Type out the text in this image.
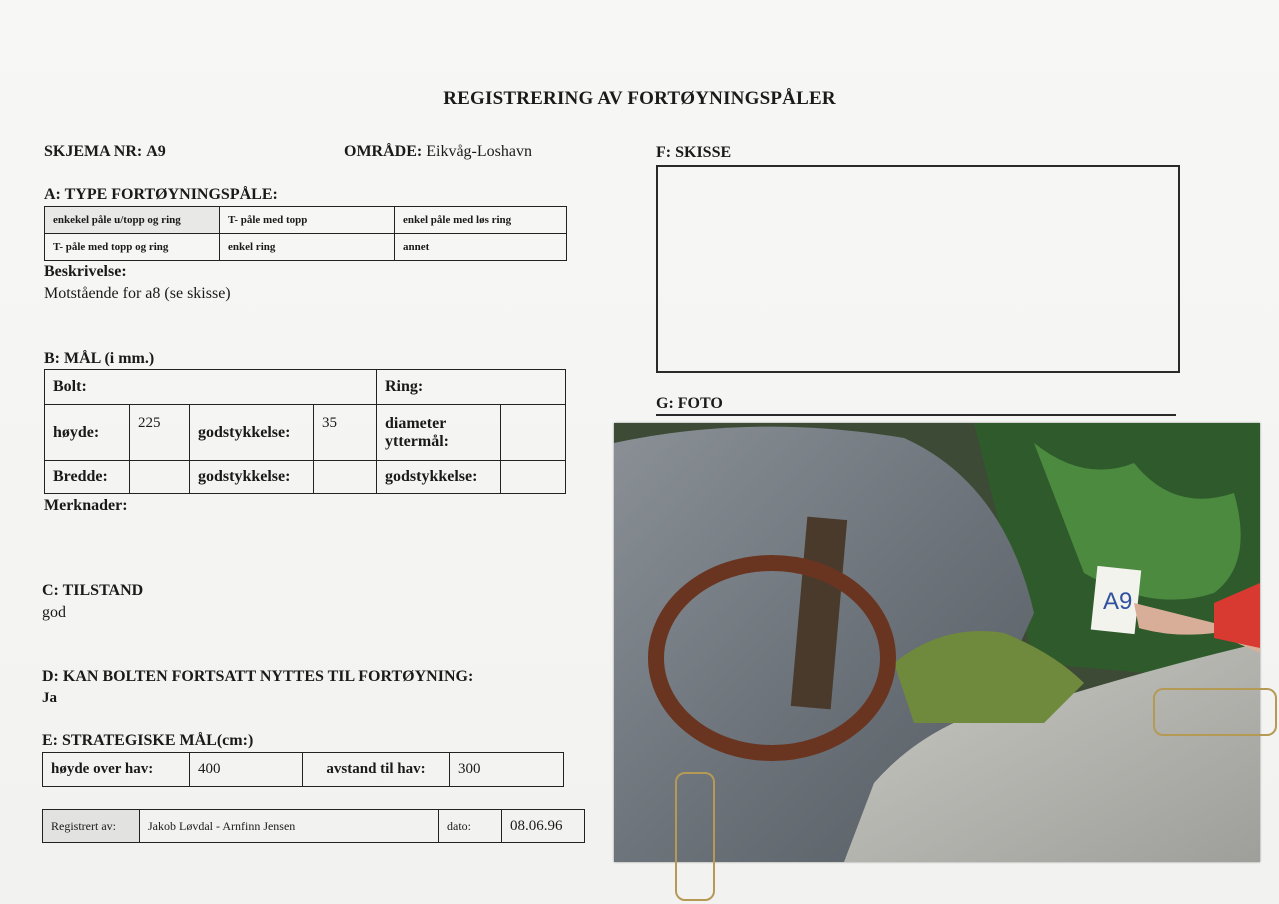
REGISTRERING AV FORTØYNINGSPÅLER
SKJEMA NR: A9	OMRÅDE: Eikvåg-Loshavn
A: TYPE FORTØYNINGSPÅLE:
enkekel påle u/topp og ring	T- påle med topp	enkel påle med løs ring
T- påle med topp og ring	enkel ring	annet
Beskrivelse:
Motstående for a8 (se skisse)
B: MÅL (i mm.)
Bolt:				Ring:	
høyde:	225	godstykkelse:	35	diameter yttermål:	
Bredde:		godstykkelse:		godstykkelse:	
Merknader:
C: TILSTAND
god
D: KAN BOLTEN FORTSATT NYTTES TIL FORTØYNING:
Ja
E: STRATEGISKE MÅL(cm:)
høyde over hav:	400	avstand til hav:	300
Registrert av:	Jakob Løvdal - Arnfinn Jensen	dato:	08.06.96
F: SKISSE
G: FOTO
A9
